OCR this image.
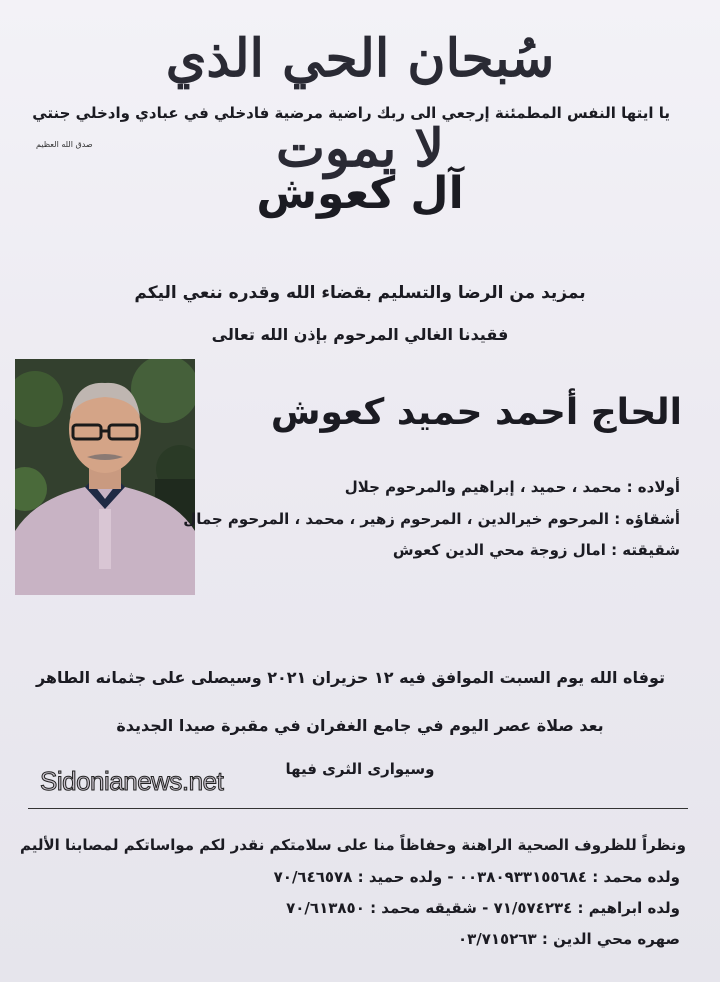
سُبحان الحي الذي لا يموت
يا ايتها النفس المطمئنة إرجعي الى ربك راضية مرضية فادخلي في عبادي وادخلي جنتي
صدق الله العظيم
آل كعوش
بمزيد من الرضا والتسليم بقضاء الله وقدره ننعي اليكم
فقيدنا الغالي المرحوم بإذن الله تعالى
الحاج أحمد حميد كعوش
أولاده : محمد ، حميد ، إبراهيم والمرحوم جلال
أشقاؤه : المرحوم خيرالدين ، المرحوم زهير ، محمد ، المرحوم جمال
شقيقته : امال زوجة محي الدين كعوش
توفاه الله يوم السبت الموافق فيه ١٢ حزيران ٢٠٢١ وسيصلى على جثمانه الطاهر
بعد صلاة عصر اليوم في جامع الغفران في مقبرة صيدا الجديدة
وسيوارى الثرى فيها
Sidonianews.net
ونظراً للظروف الصحية الراهنة وحفاظاً منا على سلامتكم نقدر لكم مواساتكم لمصابنا الأليم
ولده محمد : ٠٠٣٨٠٩٣٣١٥٥٦٨٤ - ولده حميد : ٧٠/٦٤٦٥٧٨
ولده ابراهيم : ٧١/٥٧٤٢٣٤ - شقيقه محمد : ٧٠/٦١٣٨٥٠
صهره محي الدين : ٠٣/٧١٥٢٦٣
